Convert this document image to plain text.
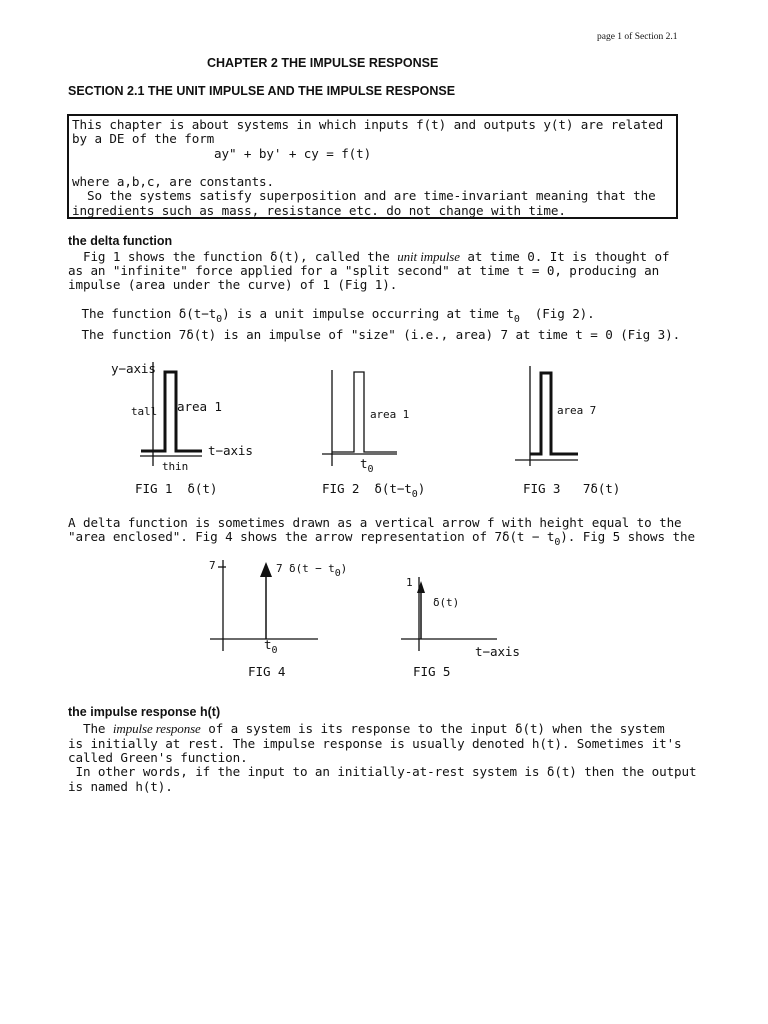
page 1 of Section 2.1
CHAPTER 2 THE IMPULSE RESPONSE
SECTION 2.1 THE UNIT IMPULSE AND THE IMPULSE RESPONSE
This chapter is about systems in which inputs f(t) and outputs y(t) are related
by a DE of the form
ay" + by' + cy = f(t)
where a,b,c, are constants.
So the systems satisfy superposition and are time-invariant meaning that the
ingredients such as mass, resistance etc. do not change with time.
the delta function
Fig 1 shows the function δ(t), called the unit impulse at time 0. It is thought of
as an "infinite" force applied for a "split second" at time t = 0, producing an
impulse (area under the curve) of 1 (Fig 1).
The function $\delta(t-t_0)$ is a unit impulse occurring at time $t_0$  (Fig 2).
The function 7δ(t) is an impulse of "size" (i.e., area) 7 at time t = 0 (Fig 3).
y−axis
tall area 1
t−axis
thin
FIG 1  δ(t)
area 1
$t_0$
FIG 2  $\delta(t-t_0)$
area 7
FIG 3   7δ(t)
A delta function is sometimes drawn as a vertical arrow f with height equal to the
"area enclosed". Fig 4 shows the arrow representation of $7\delta(t - t_0)$. Fig 5 shows the
7	7 $\delta(t - t_0)$
$t_0$
FIG 4
1
δ(t)
t−axis
FIG 5
the impulse response h(t)
The impulse response of a system is its response to the input δ(t) when the system
is initially at rest. The impulse response is usually denoted h(t). Sometimes it's
called Green's function.
In other words, if the input to an initially-at-rest system is δ(t) then the output
is named h(t).
